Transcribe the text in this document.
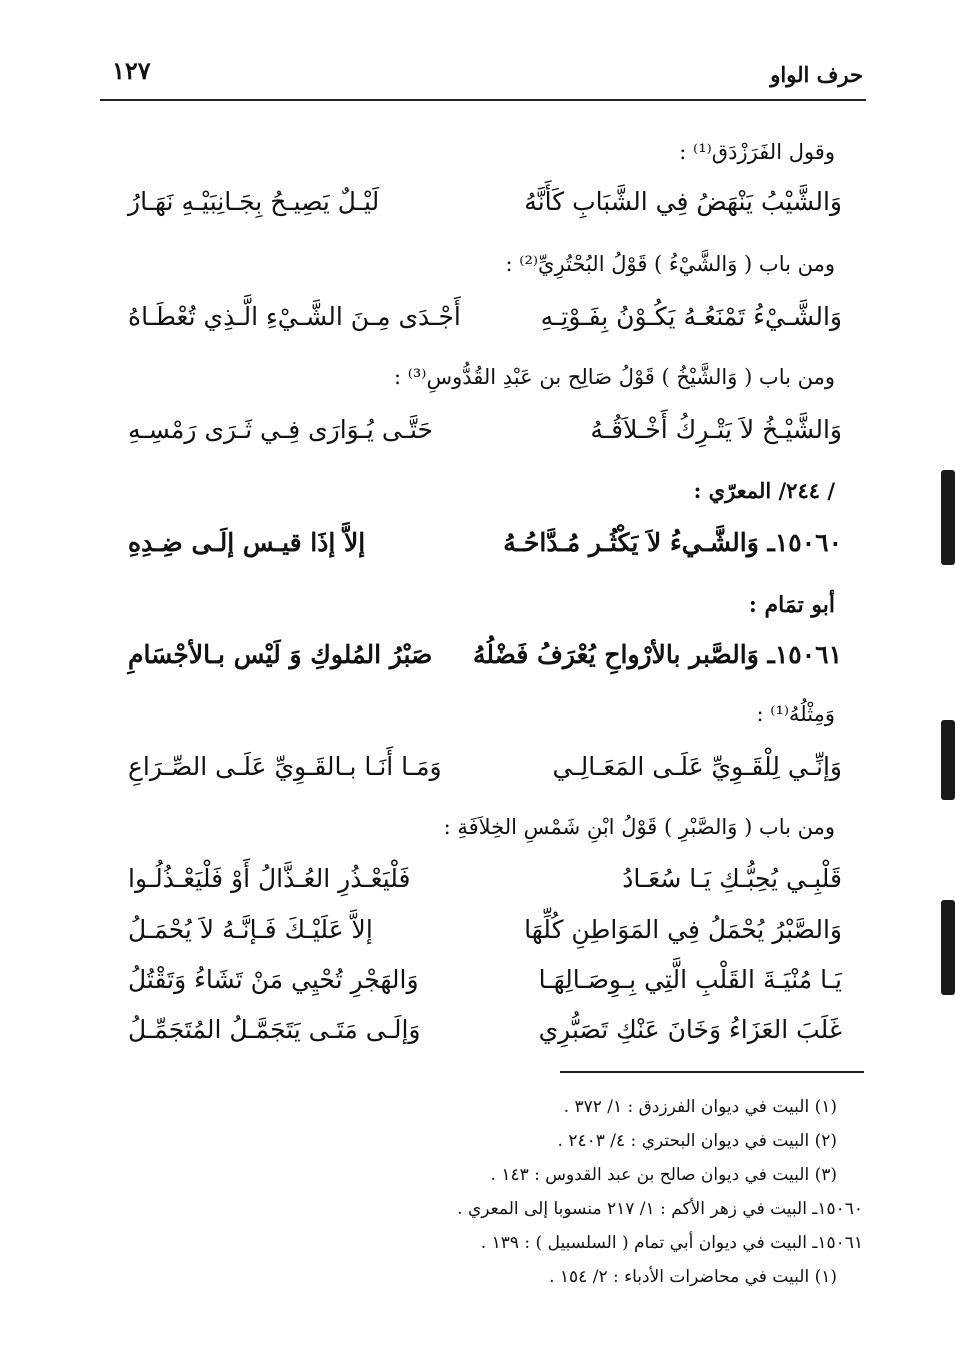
حرف الواو
١٢٧
وقول الفَرَزْدَق⁽¹⁾ :
وَالشَّيْبُ يَنْهَضُ فِي الشَّبَابِ كَأَنَّهُ
لَيْـلٌ يَصِيـحُ بِجَـانِبَيْـهِ نَهَـارُ
ومن باب ( وَالشَّيْءُ ) قَوْلُ البُحْتُرِيِّ⁽²⁾ :
وَالشَّـيْءُ تَمْنَعُـهُ يَكُـوْنُ بِفَـوْتِـهِ
أَجْـدَى مِـنَ الشَّـيْءِ الَّـذِي تُعْطَـاهُ
ومن باب ( وَالشَّيْخُ ) قَوْلُ صَالِح بن عَبْدِ القُدُّوسِ⁽³⁾ :
وَالشَّيْـخُ لاَ يَتْـرِكُ أَخْـلاَقُـهُ
حَتَّـى يُـوَارَى فِـي ثَـرَى رَمْسِـهِ
/ ٢٤٤/ المعرّي :
١٥٠٦٠ـ وَالشَّـيءُ لاَ يَكْثُـر مُـدَّاحُـهُ
إلاَّ إذَا قيـس إلَـى ضِـدِهِ
أبو تمَام :
١٥٠٦١ـ وَالصَّبر بالأرْواحِ يُعْرَفُ فَضْلُهُ
صَبْرُ المُلوكِ وَ لَيْس بـالأجْسَامِ
وَمِثْلُهُ⁽¹⁾ :
وَإنِّـي لِلْقَـوِيِّ عَلَـى المَعَـالِـي
وَمَـا أَنَـا بـالقَـوِيِّ عَلَـى الصِّـرَاعِ
ومن باب ( وَالصَّبْرِ ) قَوْلُ ابْنِ شَمْسِ الخِلاَفَةِ :
قَلْبِـي يُحِبُّـكِ يَـا سُعَـادُ
فَلْيَعْـذُرِ العُـذَّالُ أَوْ فَلْيَعْـذُلُـوا
وَالصَّبْرُ يُحْمَلُ فِي المَوَاطِنِ كُلِّهَا
إلاَّ عَلَيْـكَ فَـإنَّـهُ لاَ يُحْمَـلُ
يَـا مُنْيَـةَ القَلْبِ الَّتِي بِـوِصَـالِهَـا
وَالهَجْرِ تُحْيِي مَنْ تَشَاءُ وَتَقْتُلُ
غَلَبَ العَزَاءُ وَخَانَ عَنْكِ تَصَبُّرِي
وَإلَـى مَتَـى يَتَجَمَّـلُ المُتَجَمِّـلُ
(١) البيت في ديوان الفرزدق : ١/ ٣٧٢ .
(٢) البيت في ديوان البحتري : ٤/ ٢٤٠٣ .
(٣) البيت في ديوان صالح بن عبد القدوس : ١٤٣ .
١٥٠٦٠ـ البيت في زهر الأكم : ١/ ٢١٧ منسوبا إلى المعري .
١٥٠٦١ـ البيت في ديوان أبي تمام ( السلسبيل ) : ١٣٩ .
(١) البيت في محاضرات الأدباء : ٢/ ١٥٤ .
